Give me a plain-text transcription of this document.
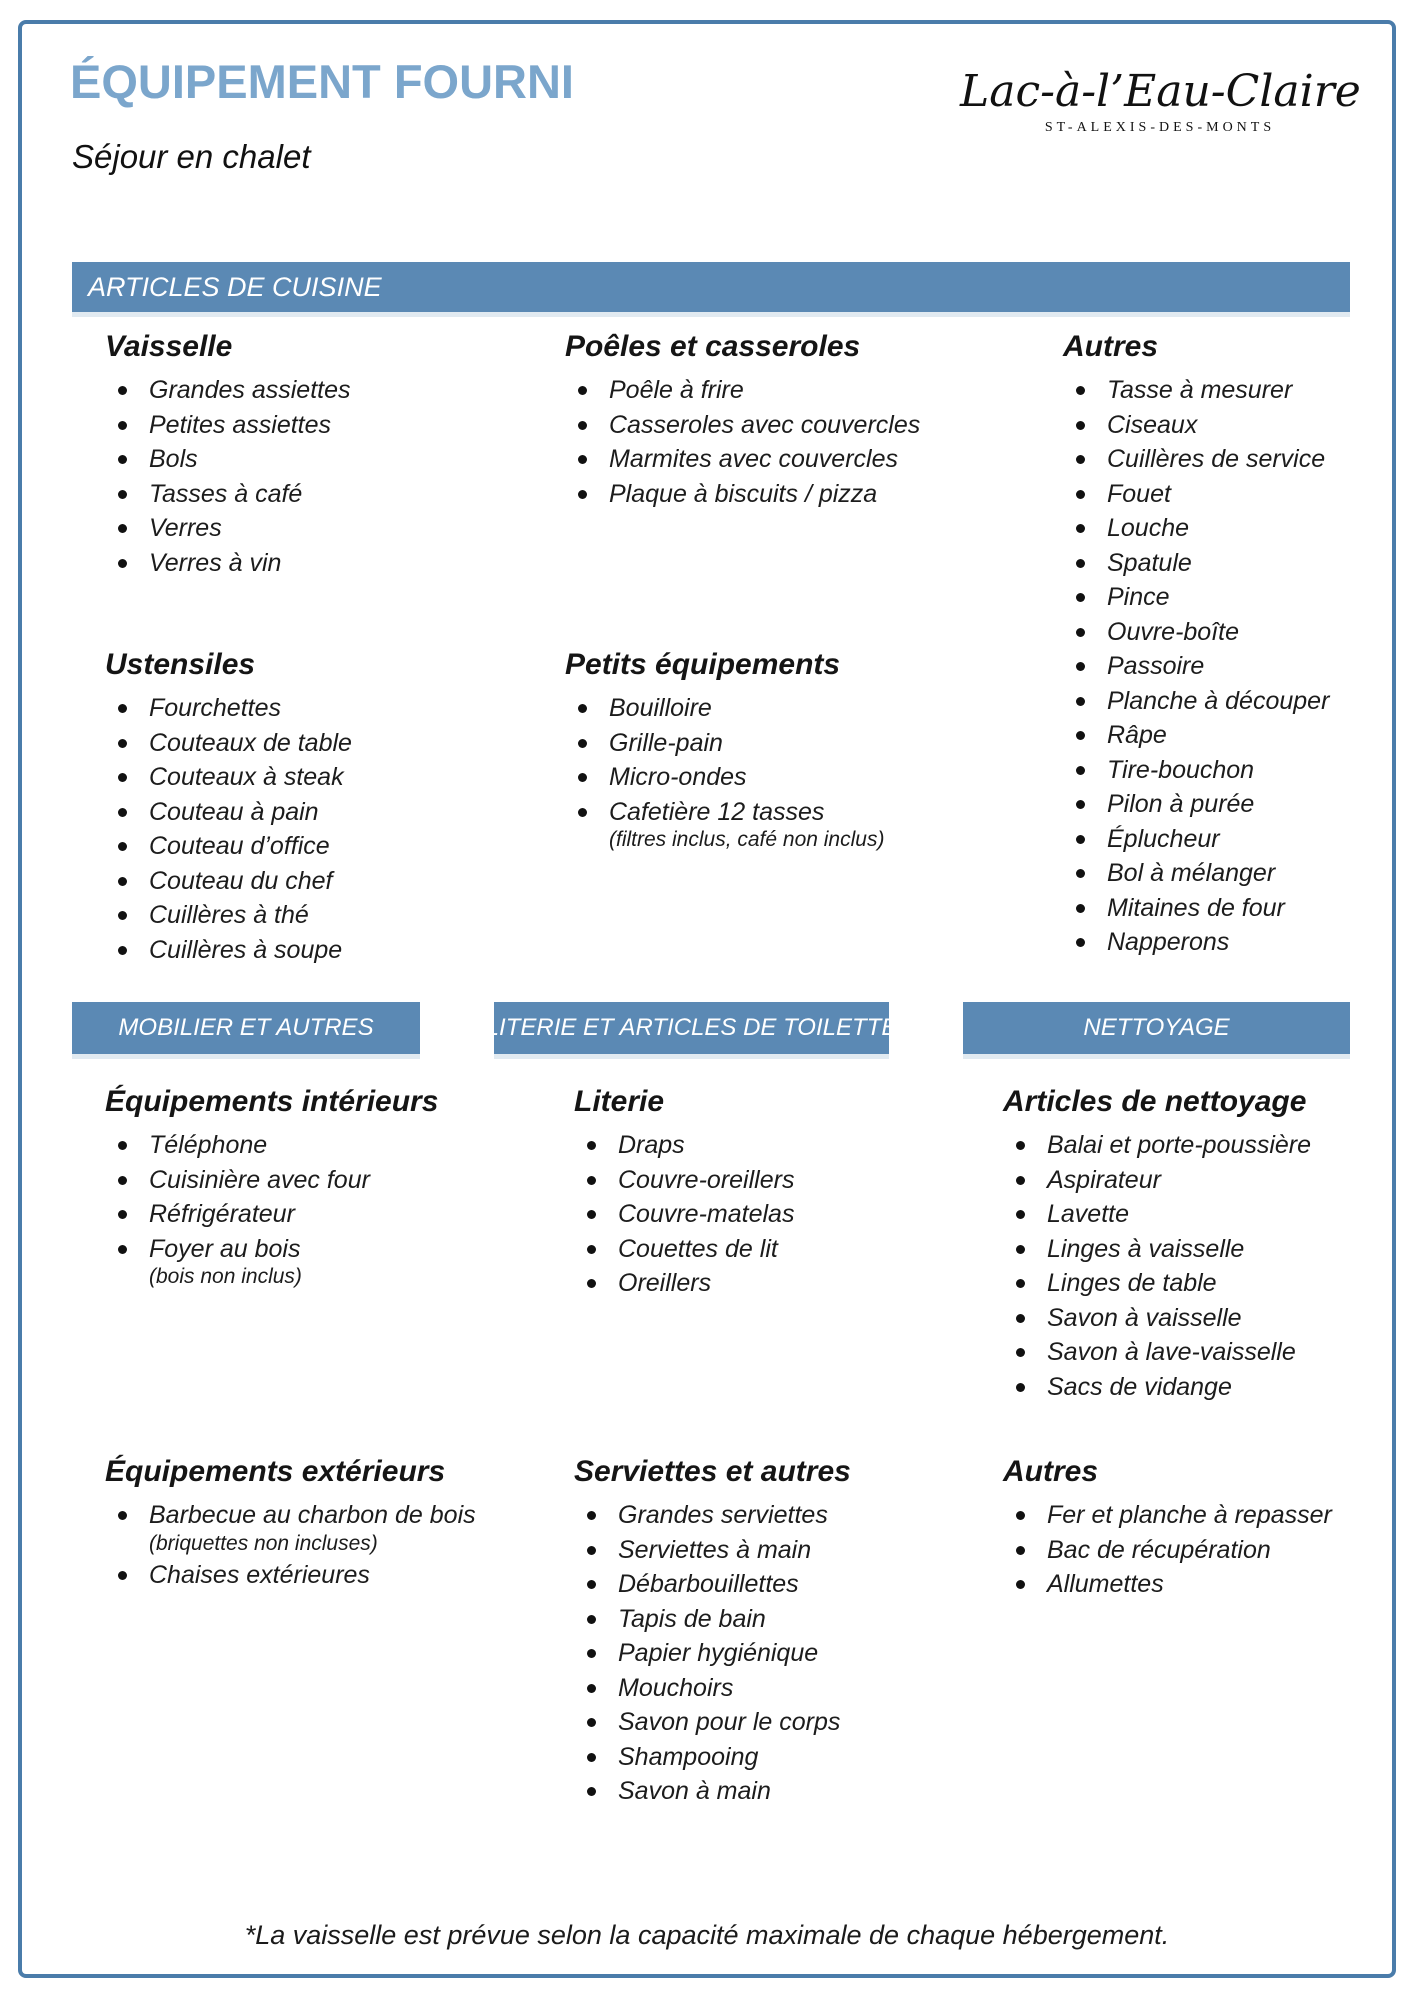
ÉQUIPEMENT FOURNI
Séjour en chalet
Lac-à-l’Eau-Claire
ST-ALEXIS-DES-MONTS
ARTICLES DE CUISINE
Vaisselle
Grandes assiettes
Petites assiettes
Bols
Tasses à café
Verres
Verres à vin
Ustensiles
Fourchettes
Couteaux de table
Couteaux à steak
Couteau à pain
Couteau d’office
Couteau du chef
Cuillères à thé
Cuillères à soupe
Poêles et casseroles
Poêle à frire
Casseroles avec couvercles
Marmites avec couvercles
Plaque à biscuits / pizza
Petits équipements
Bouilloire
Grille-pain
Micro-ondes
Cafetière 12 tasses
(filtres inclus, café non inclus)
Autres
Tasse à mesurer
Ciseaux
Cuillères de service
Fouet
Louche
Spatule
Pince
Ouvre-boîte
Passoire
Planche à découper
Râpe
Tire-bouchon
Pilon à purée
Éplucheur
Bol à mélanger
Mitaines de four
Napperons
MOBILIER ET AUTRES	LITERIE ET ARTICLES DE TOILETTE	NETTOYAGE
Équipements intérieurs
Téléphone
Cuisinière avec four
Réfrigérateur
Foyer au bois
(bois non inclus)
Literie
Draps
Couvre-oreillers
Couvre-matelas
Couettes de lit
Oreillers
Articles de nettoyage
Balai et porte-poussière
Aspirateur
Lavette
Linges à vaisselle
Linges de table
Savon à vaisselle
Savon à lave-vaisselle
Sacs de vidange
Équipements extérieurs
Barbecue au charbon de bois
(briquettes non incluses)
Chaises extérieures
Serviettes et autres
Grandes serviettes
Serviettes à main
Débarbouillettes
Tapis de bain
Papier hygiénique
Mouchoirs
Savon pour le corps
Shampooing
Savon à main
Autres
Fer et planche à repasser
Bac de récupération
Allumettes
*La vaisselle est prévue selon la capacité maximale de chaque hébergement.
